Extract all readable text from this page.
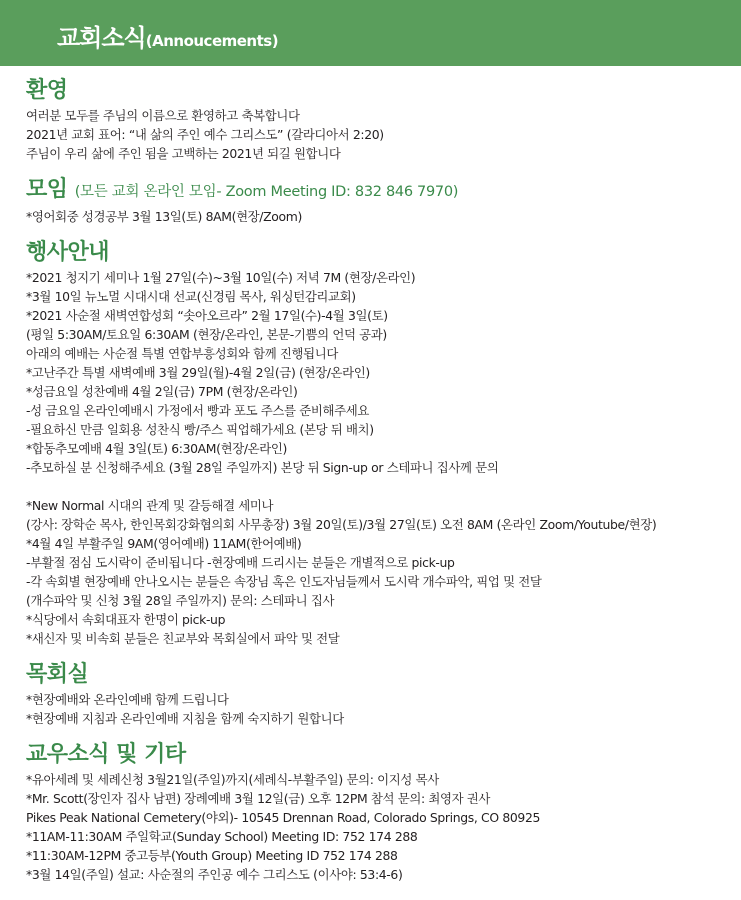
교회소식(Annoucements)
환영
여러분 모두를 주님의 이름으로 환영하고 축복합니다
2021년 교회 표어: “내 삶의 주인 예수 그리스도” (갈라디아서 2:20)
주님이 우리 삶에 주인 됨을 고백하는 2021년 되길 원합니다
모임 (모든 교회 온라인 모임- Zoom Meeting ID: 832 846 7970)
*영어회중 성경공부 3월 13일(토) 8AM(현장/Zoom)
행사안내
*2021 청지기 세미나 1월 27일(수)~3월 10일(수) 저녁 7M (현장/온라인)
*3월 10일 뉴노멀 시대시대 선교(신경림 목사, 워싱턴감리교회)
*2021 사순절 새벽연합성회 “솟아오르라” 2월 17일(수)-4월 3일(토)
(평일 5:30AM/토요일 6:30AM (현장/온라인, 본문-기쁨의 언덕 공과)
아래의 예배는 사순절 특별 연합부흥성회와 함께 진행됩니다
*고난주간 특별 새벽예배 3월 29일(월)-4월 2일(금) (현장/온라인)
*성금요일 성찬예배 4월 2일(금) 7PM (현장/온라인)
-성 금요일 온라인예배시 가정에서 빵과 포도 주스를 준비해주세요
-필요하신 만큼 일회용 성찬식 빵/주스 픽업해가세요 (본당 뒤 배치)
*합동추모예배 4월 3일(토) 6:30AM(현장/온라인)
-추모하실 분 신청해주세요 (3월 28일 주일까지) 본당 뒤 Sign-up or 스테파니 집사께 문의
*New Normal 시대의 관계 및 갈등해결 세미나
(강사: 장학순 목사, 한인목회강화협의회 사무총장) 3월 20일(토)/3월 27일(토) 오전 8AM (온라인 Zoom/Youtube/현장)
*4월 4일 부활주일 9AM(영어예배) 11AM(한어예배)
-부활절 점심 도시락이 준비됩니다 -현장예배 드리시는 분들은 개별적으로 pick-up
-각 속회별 현장예배 안나오시는 분들은 속장님 혹은 인도자님들께서 도시락 개수파악, 픽업 및 전달
(개수파악 및 신청 3월 28일 주일까지) 문의: 스테파니 집사
*식당에서 속회대표자 한명이 pick-up
*새신자 및 비속회 분들은 친교부와 목회실에서 파악 및 전달
목회실
*현장예배와 온라인예배 함께 드립니다
*현장예배 지침과 온라인예배 지침을 함께 숙지하기 원합니다
교우소식 및 기타
*유아세례 및 세례신청 3월21일(주일)까지(세례식-부활주일) 문의: 이지성 목사
*Mr. Scott(장인자 집사 남편) 장례예배 3월 12일(금) 오후 12PM 참석 문의: 최영자 권사
Pikes Peak National Cemetery(야외)- 10545 Drennan Road, Colorado Springs, CO 80925
*11AM-11:30AM 주일학교(Sunday School) Meeting ID: 752 174 288
*11:30AM-12PM 중고등부(Youth Group) Meeting ID 752 174 288
*3월 14일(주일) 설교: 사순절의 주인공 예수 그리스도 (이사야: 53:4-6)
